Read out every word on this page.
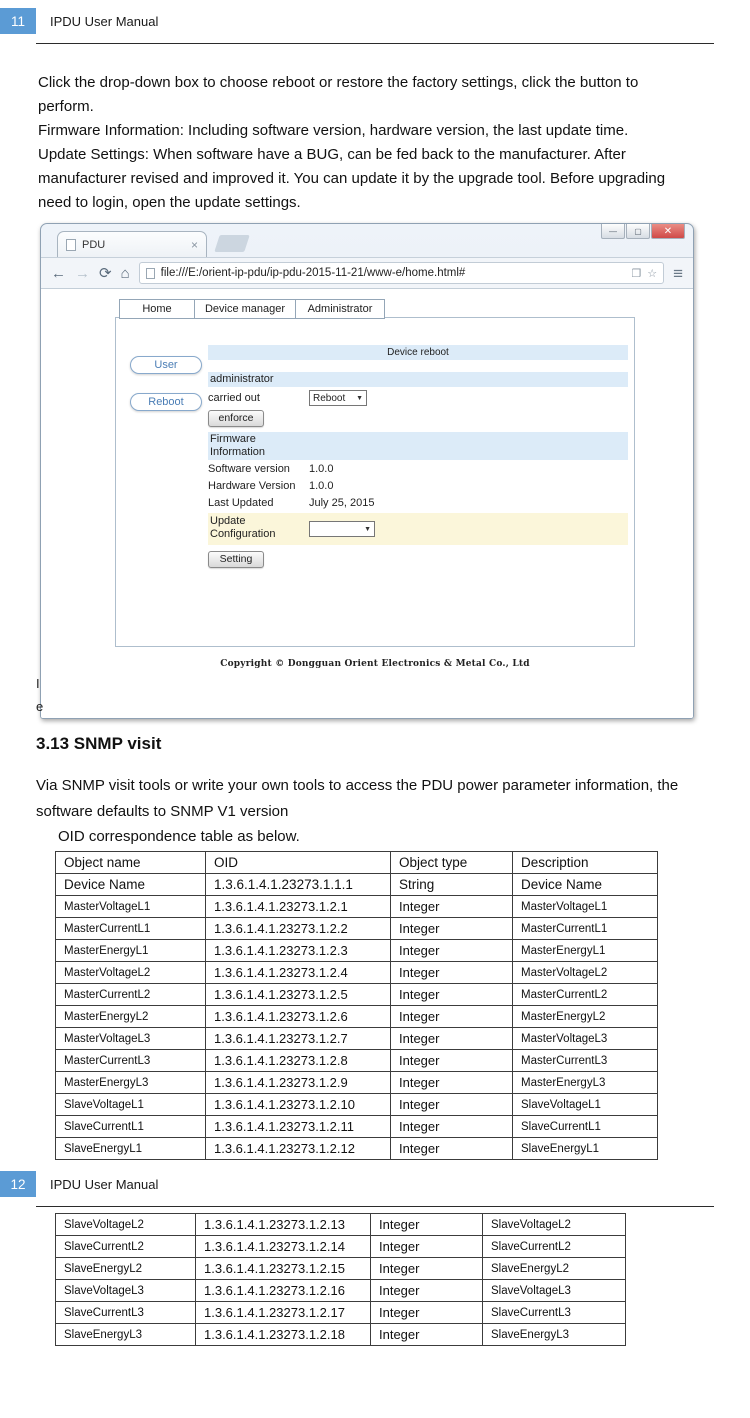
11	IPDU User Manual

Click the drop-down box to choose reboot or restore the factory settings, click the button to perform.

Firmware Information: Including software version, hardware version, the last update time.

Update Settings: When software have a BUG, can be fed back to the manufacturer. After manufacturer revised and improved it. You can update it by the upgrade tool. Before upgrading need to login, open the update settings.

—	▢	✕
PDU	×
← → ⟳ ⌂	file:///E:/orient-ip-pdu/ip-pdu-2015-11-21/www-e/home.html#	❐ ☆ ≡
Home	Device manager	Administrator
User
Reboot
Device reboot
administrator
carried out	Reboot ▼
enforce
Firmware
Information
Software version	1.0.0
Hardware Version	1.0.0
Last Updated	July 25, 2015
Update
Configuration	▼
Setting
Copyright © Dongguan Orient Electronics & Metal Co., Ltd
I
e
3.13 SNMP visit

Via SNMP visit tools or write your own tools to access the PDU power parameter information, the software defaults to SNMP V1 version

OID correspondence table as below.

Object name	OID	Object type	Description
Device Name	1.3.6.1.4.1.23273.1.1.1	String	Device Name
MasterVoltageL1	1.3.6.1.4.1.23273.1.2.1	Integer	MasterVoltageL1
MasterCurrentL1	1.3.6.1.4.1.23273.1.2.2	Integer	MasterCurrentL1
MasterEnergyL1	1.3.6.1.4.1.23273.1.2.3	Integer	MasterEnergyL1
MasterVoltageL2	1.3.6.1.4.1.23273.1.2.4	Integer	MasterVoltageL2
MasterCurrentL2	1.3.6.1.4.1.23273.1.2.5	Integer	MasterCurrentL2
MasterEnergyL2	1.3.6.1.4.1.23273.1.2.6	Integer	MasterEnergyL2
MasterVoltageL3	1.3.6.1.4.1.23273.1.2.7	Integer	MasterVoltageL3
MasterCurrentL3	1.3.6.1.4.1.23273.1.2.8	Integer	MasterCurrentL3
MasterEnergyL3	1.3.6.1.4.1.23273.1.2.9	Integer	MasterEnergyL3
SlaveVoltageL1	1.3.6.1.4.1.23273.1.2.10	Integer	SlaveVoltageL1
SlaveCurrentL1	1.3.6.1.4.1.23273.1.2.11	Integer	SlaveCurrentL1
SlaveEnergyL1	1.3.6.1.4.1.23273.1.2.12	Integer	SlaveEnergyL1
12	IPDU User Manual
SlaveVoltageL2	1.3.6.1.4.1.23273.1.2.13	Integer	SlaveVoltageL2
SlaveCurrentL2	1.3.6.1.4.1.23273.1.2.14	Integer	SlaveCurrentL2
SlaveEnergyL2	1.3.6.1.4.1.23273.1.2.15	Integer	SlaveEnergyL2
SlaveVoltageL3	1.3.6.1.4.1.23273.1.2.16	Integer	SlaveVoltageL3
SlaveCurrentL3	1.3.6.1.4.1.23273.1.2.17	Integer	SlaveCurrentL3
SlaveEnergyL3	1.3.6.1.4.1.23273.1.2.18	Integer	SlaveEnergyL3
